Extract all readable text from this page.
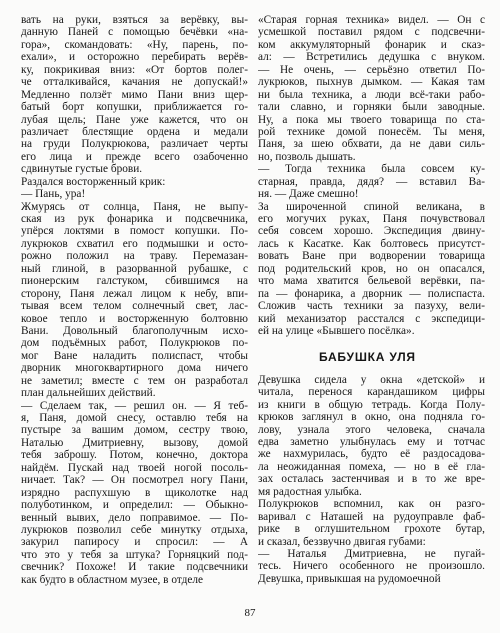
вать на руки, взяться за верёвку, вы-
данную Паней с помощью бечёвки «на-
гора», скомандовать: «Ну, парень, по-
ехали», и осторожно перебирать верёв-
ку, покрикивая вниз: «От бортов полег-
че отталкивайся, качания не допускай!»
Медленно ползёт мимо Пани вниз щер-
батый борт копушки, приближается го-
лубая щель; Пане уже кажется, что он
различает блестящие ордена и медали
на груди Полукрюкова, различает черты
его лица и прежде всего озабоченно
сдвинутые густые брови.
Раздался восторженный крик:
— Пань, ура!
Жмурясь от солнца, Паня, не выпу-
ская из рук фонарика и подсвечника,
упёрся локтями в помост копушки. По-
лукрюков схватил его подмышки и осто-
рожно положил на траву. Перемазан-
ный глиной, в разорванной рубашке, с
пионерским галстуком, сбившимся на
сторону, Паня лежал лицом к небу, впи-
тывая всем телом солнечный свет, лас-
ковое тепло и восторженную болтовню
Вани. Довольный благополучным исхо-
дом подъёмных работ, Полукрюков по-
мог Ване наладить полиспаст, чтобы
дворник многоквартирного дома ничего
не заметил; вместе с тем он разработал
план дальнейших действий.
— Сделаем так, — решил он. — Я теб-
я, Паня, домой снесу, оставлю тебя на
пустыре за вашим домом, сестру твою,
Наталью Дмитриевну, вызову, домой
тебя заброшу. Потом, конечно, доктора
найдём. Пускай над твоей ногой посоль-
ничает. Так? — Он посмотрел ногу Пани,
изрядно распухшую в щиколотке над
полуботинком, и определил: — Обыкно-
венный вывих, дело поправимое. — По-
лукрюков позволил себе минутку отдыха,
закурил папиросу и спросил: — А
что это у тебя за штука? Горняцкий под-
свечник? Похоже! И такие подсвечники
как будто в областном музее, в отделе
«Старая горная техника» видел. — Он с
усмешкой поставил рядом с подсвечни-
ком аккумуляторный фонарик и сказ-
ал: — Встретились дедушка с внуком.
— Не очень, — серьёзно ответил По-
лукрюков, пыхнув дымком. — Какая там
ни была техника, а люди всё-таки рабо-
тали славно, и горняки были заводные.
Ну, а пока мы твоего товарища по ста-
рой технике домой понесём. Ты меня,
Паня, за шею обхвати, да не дави силь-
но, позволь дышать.
— Тогда техника была совсем ку-
старная, правда, дядя? — вставил Ва-
ня. — Даже смешно!
За широченной спиной великана, в
его могучих руках, Паня почувствовал
себя совсем хорошо. Экспедиция двину-
лась к Касатке. Как болтовесь присутст-
вовать Ване при водворении товарища
под родительский кров, но он опасался,
что мама хватится бельевой верёвки, па-
па — фонарика, а дворник — полиспаста.
Сложив часть техники за пазуху, вели-
кий механизатор расстался с экспедици-
ей на улице «Бывшего посёлка».
БАБУШКА УЛЯ
Девушка сидела у окна «детской» и
читала, перенося карандашиком цифры
из книги в общую тетрадь. Когда Полу-
крюков заглянул в окно, она подняла го-
лову, узнала этого человека, сначала
едва заметно улыбнулась ему и тотчас
же нахмурилась, будто её раздосадова-
ла неожиданная помеха, — но в её гла-
зах осталась застенчивая и в то же вре-
мя радостная улыбка.
Полукрюков вспомнил, как он разго-
варивал с Наташей на рудоуправле фаб-
рике в оглушительном грохоте бутар,
и сказал, беззвучно двигая губами:
— Наталья Дмитриевна, не пугай-
тесь. Ничего особенного не произошло.
Девушка, привыкшая на рудомоечной
87
